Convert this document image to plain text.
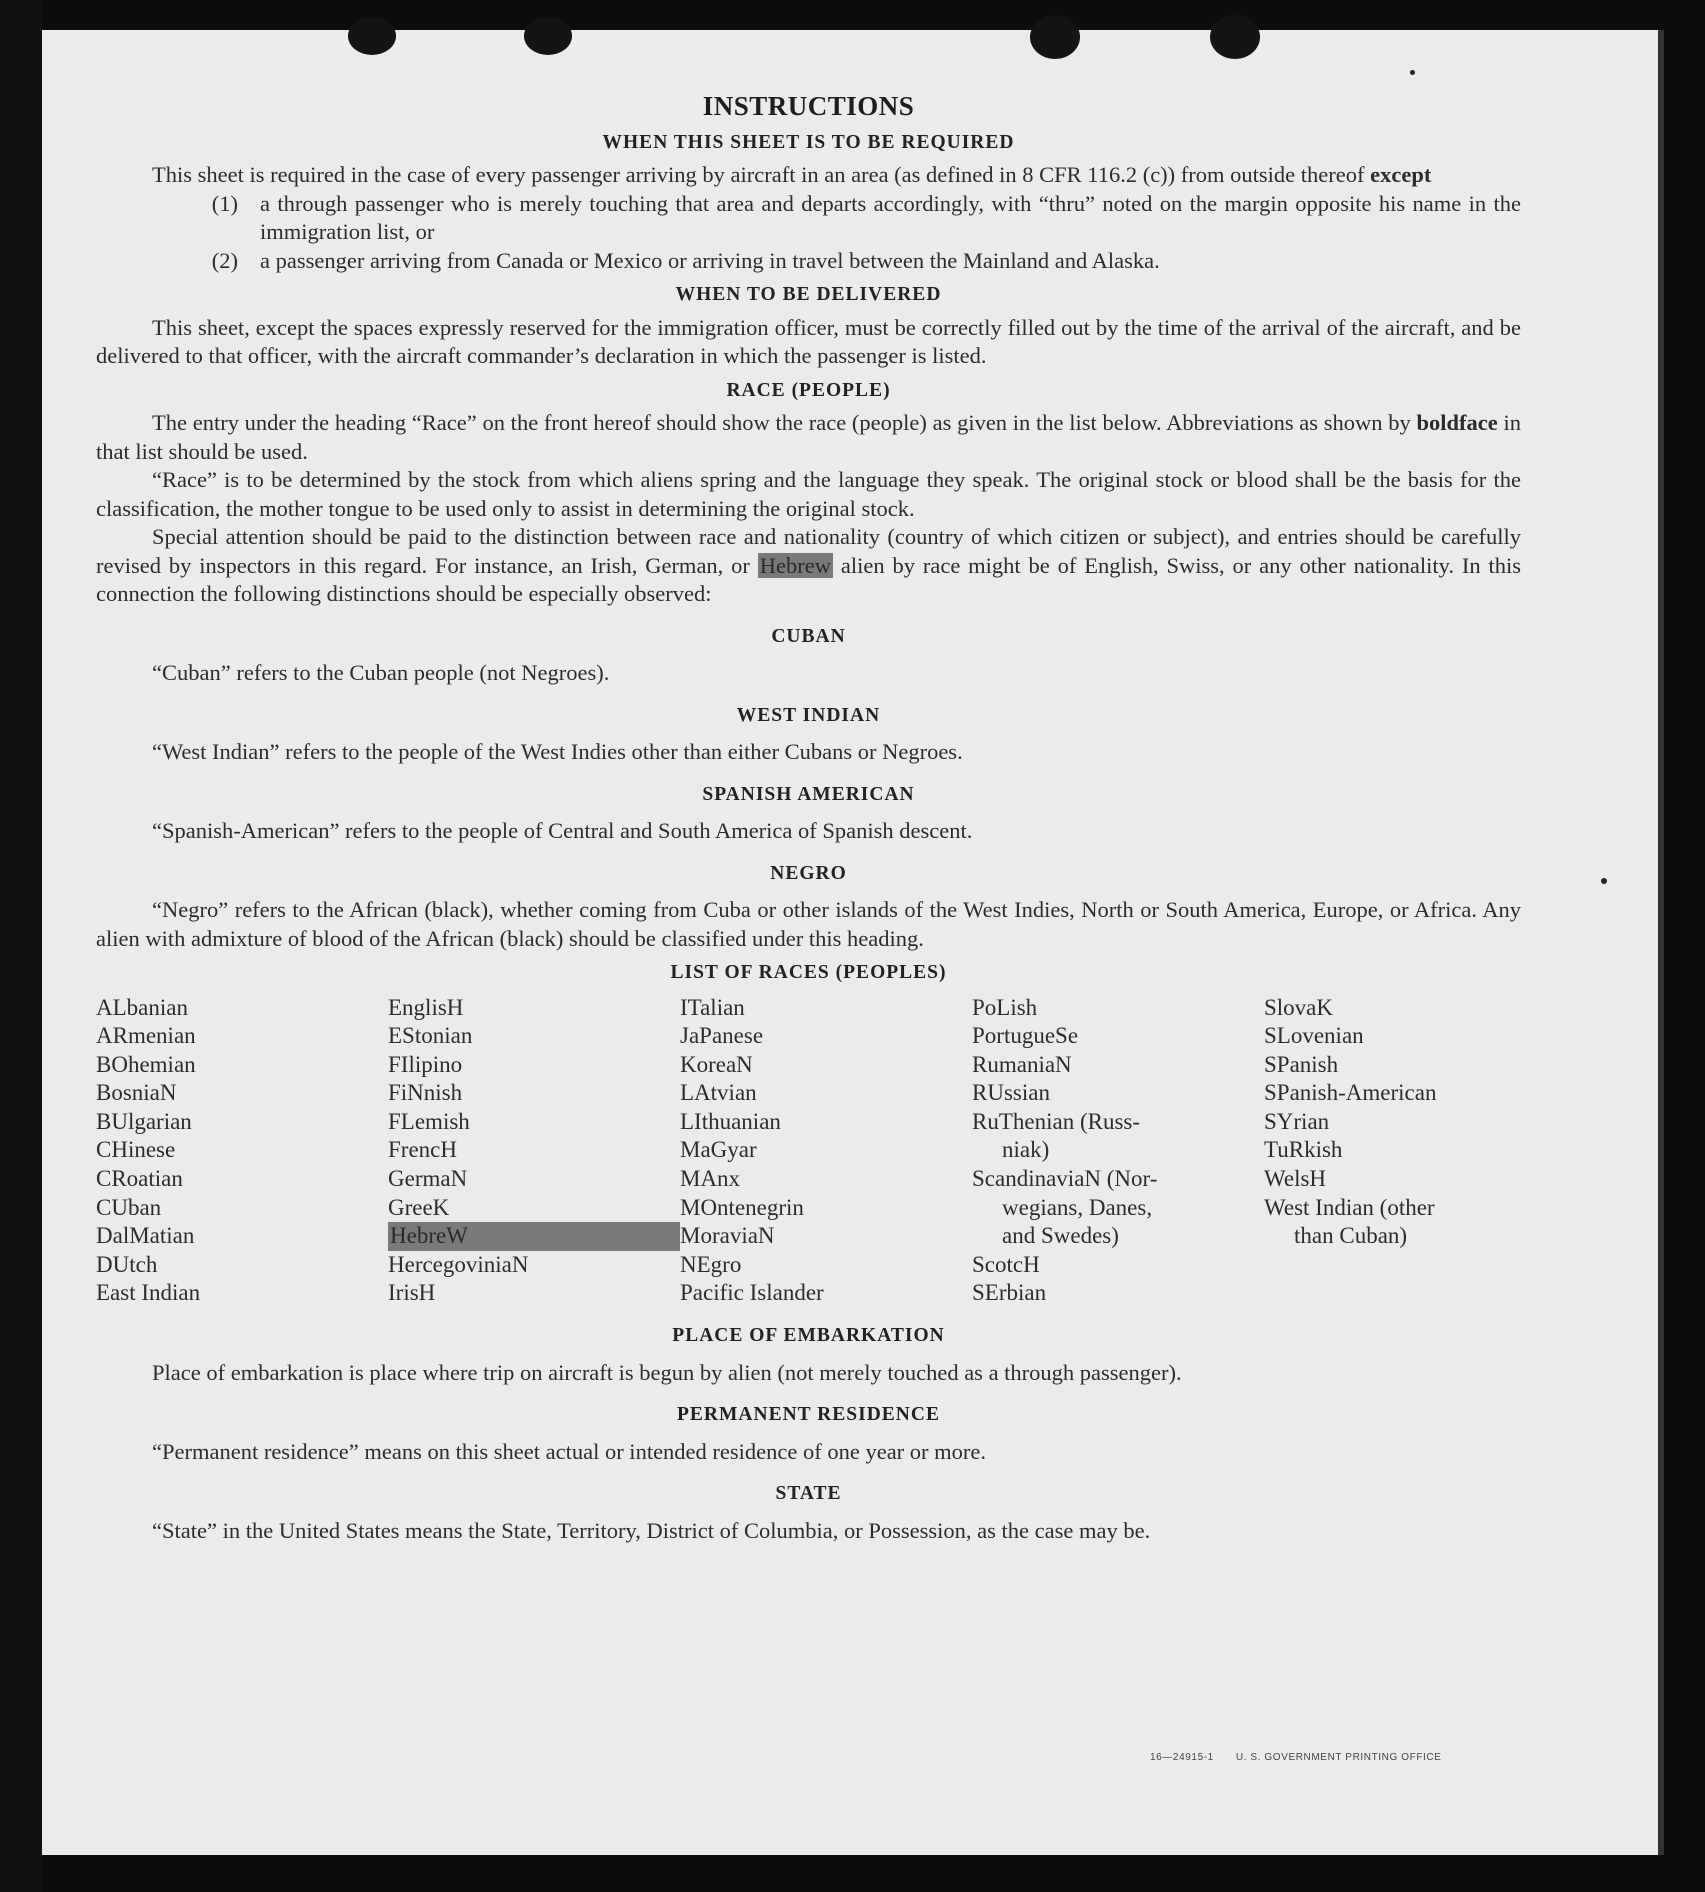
INSTRUCTIONS
WHEN THIS SHEET IS TO BE REQUIRED

This sheet is required in the case of every passenger arriving by aircraft in an area (as defined in 8 CFR 116.2 (c)) from outside thereof except

(1) a through passenger who is merely touching that area and departs accordingly, with “thru” noted on the margin opposite his name in the immigration list, or
(2) a passenger arriving from Canada or Mexico or arriving in travel between the Mainland and Alaska.
WHEN TO BE DELIVERED

This sheet, except the spaces expressly reserved for the immigration officer, must be correctly filled out by the time of the arrival of the aircraft, and be delivered to that officer, with the aircraft commander’s declaration in which the passenger is listed.

RACE (PEOPLE)

The entry under the heading “Race” on the front hereof should show the race (people) as given in the list below. Abbreviations as shown by boldface in that list should be used.

“Race” is to be determined by the stock from which aliens spring and the language they speak. The original stock or blood shall be the basis for the classification, the mother tongue to be used only to assist in determining the original stock.

Special attention should be paid to the distinction between race and nationality (country of which citizen or subject), and entries should be carefully revised by inspectors in this regard. For instance, an Irish, German, or Hebrew alien by race might be of English, Swiss, or any other nationality. In this connection the following distinctions should be especially observed:

CUBAN

“Cuban” refers to the Cuban people (not Negroes).

WEST INDIAN

“West Indian” refers to the people of the West Indies other than either Cubans or Negroes.

SPANISH AMERICAN

“Spanish-American” refers to the people of Central and South America of Spanish descent.

NEGRO

“Negro” refers to the African (black), whether coming from Cuba or other islands of the West Indies, North or South America, Europe, or Africa. Any alien with admixture of blood of the African (black) should be classified under this heading.

LIST OF RACES (PEOPLES)
ALbanian
ARmenian
BOhemian
BosniaN
BUlgarian
CHinese
CRoatian
CUban
DalMatian
DUtch
East Indian
EnglisH
EStonian
FIlipino
FiNnish
FLemish
FrencH
GermaN
GreeK
HebreW
HercegoviniaN
IrisH
ITalian
JaPanese
KoreaN
LAtvian
LIthuanian
MaGyar
MAnx
MOntenegrin
MoraviaN
NEgro
Pacific Islander
PoLish
PortugueSe
RumaniaN
RUssian
RuThenian (Russ-
niak)
ScandinaviaN (Nor-
wegians, Danes,
and Swedes)
ScotcH
SErbian
SlovaK
SLovenian
SPanish
SPanish-American
SYrian
TuRkish
WelsH
West Indian (other
than Cuban)
PLACE OF EMBARKATION

Place of embarkation is place where trip on aircraft is begun by alien (not merely touched as a through passenger).

PERMANENT RESIDENCE

“Permanent residence” means on this sheet actual or intended residence of one year or more.

STATE

“State” in the United States means the State, Territory, District of Columbia, or Possession, as the case may be.

16—24915-1 U. S. GOVERNMENT PRINTING OFFICE
